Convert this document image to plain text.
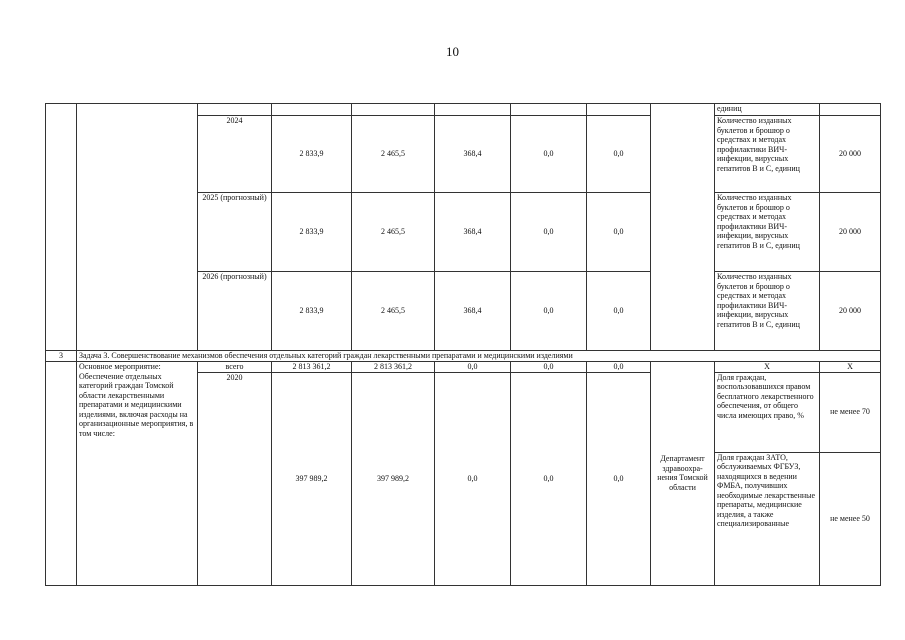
10
									единиц	
		2024	2 833,9	2 465,5	368,4	0,0	0,0		Количество изданных буклетов и брошюр о средствах и методах профилактики ВИЧ-инфекции, вирусных гепатитов В и С, единиц	20 000
		2025 (прогнозный)	2 833,9	2 465,5	368,4	0,0	0,0		Количество изданных буклетов и брошюр о средствах и методах профилактики ВИЧ-инфекции, вирусных гепатитов В и С, единиц	20 000
		2026 (прогнозный)	2 833,9	2 465,5	368,4	0,0	0,0		Количество изданных буклетов и брошюр о средствах и методах профилактики ВИЧ-инфекции, вирусных гепатитов В и С, единиц	20 000
3	Задача 3. Совершенствование механизмов обеспечения отдельных категорий граждан лекарственными препаратами и медицинскими изделиями									
	Основное мероприятие: Обеспечение отдельных категорий граждан Томской области лекарственными препаратами и медицинскими изделиями, включая расходы на организационные мероприятия, в том числе:	всего	2 813 361,2	2 813 361,2	0,0	0,0	0,0	Департамент здравоохра-нения Томской области	Х	Х
		2020	397 989,2	397 989,2	0,0	0,0	0,0		Доля граждан, воспользовавшихся правом бесплатного лекарственного обеспечения, от общего числа имеющих право, %	не менее 70
									Доля граждан ЗАТО, обслуживаемых ФГБУЗ, находящихся в ведении ФМБА, получивших необходимые лекарственные препараты, медицинские изделия, а также специализированные	не менее 50
